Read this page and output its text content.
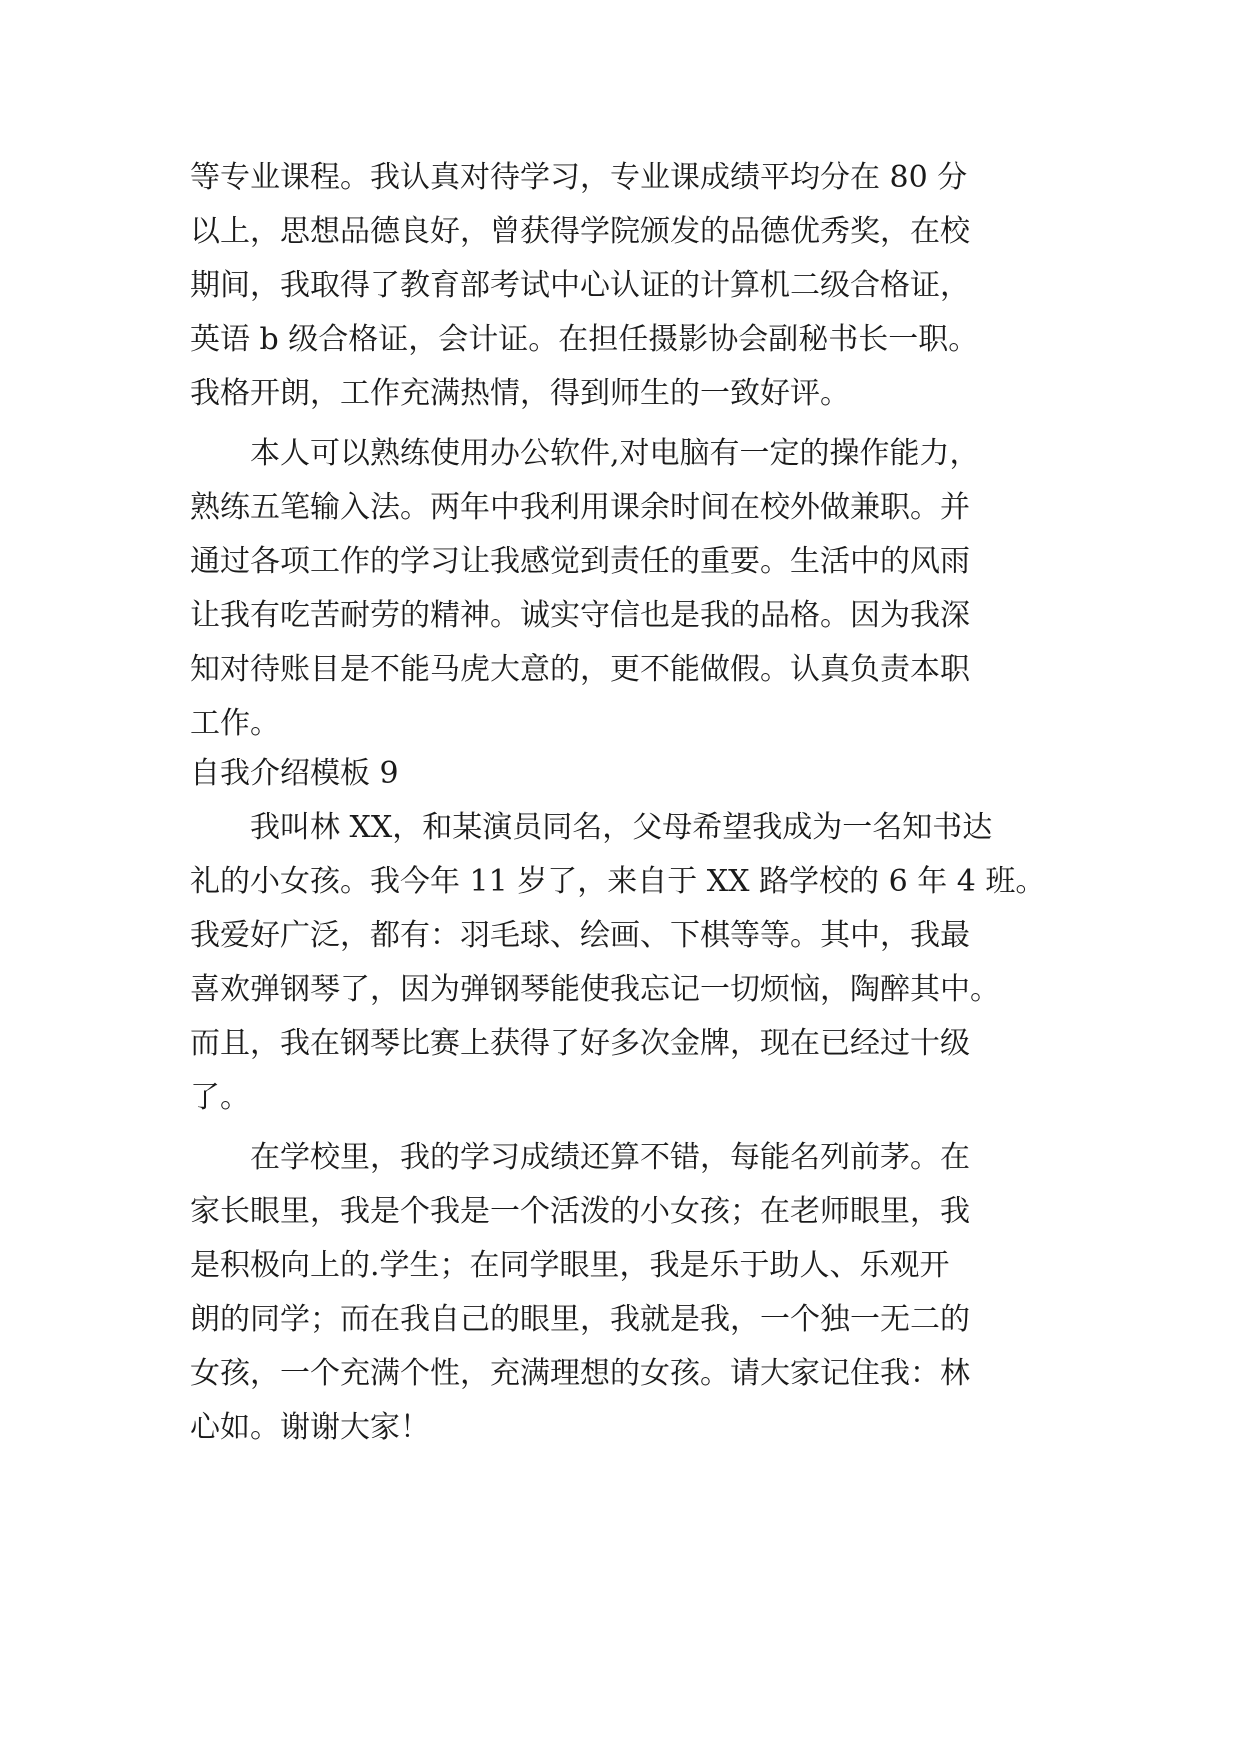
等专业课程。我认真对待学习，专业课成绩平均分在 80 分
以上，思想品德良好，曾获得学院颁发的品德优秀奖，在校
期间，我取得了教育部考试中心认证的计算机二级合格证，
英语 b 级合格证，会计证。在担任摄影协会副秘书长一职。
我格开朗，工作充满热情，得到师生的一致好评。
本人可以熟练使用办公软件,对电脑有一定的操作能力，
熟练五笔输入法。两年中我利用课余时间在校外做兼职。并
通过各项工作的学习让我感觉到责任的重要。生活中的风雨
让我有吃苦耐劳的精神。诚实守信也是我的品格。因为我深
知对待账目是不能马虎大意的，更不能做假。认真负责本职
工作。
自我介绍模板 9
我叫林 XX，和某演员同名，父母希望我成为一名知书达
礼的小女孩。我今年 11 岁了，来自于 XX 路学校的 6 年 4 班。
我爱好广泛，都有：羽毛球、绘画、下棋等等。其中，我最
喜欢弹钢琴了，因为弹钢琴能使我忘记一切烦恼，陶醉其中。
而且，我在钢琴比赛上获得了好多次金牌，现在已经过十级
了。
在学校里，我的学习成绩还算不错，每能名列前茅。在
家长眼里，我是个我是一个活泼的小女孩；在老师眼里，我
是积极向上的.学生；在同学眼里，我是乐于助人、乐观开
朗的同学；而在我自己的眼里，我就是我，一个独一无二的
女孩，一个充满个性，充满理想的女孩。请大家记住我：林
心如。谢谢大家！
